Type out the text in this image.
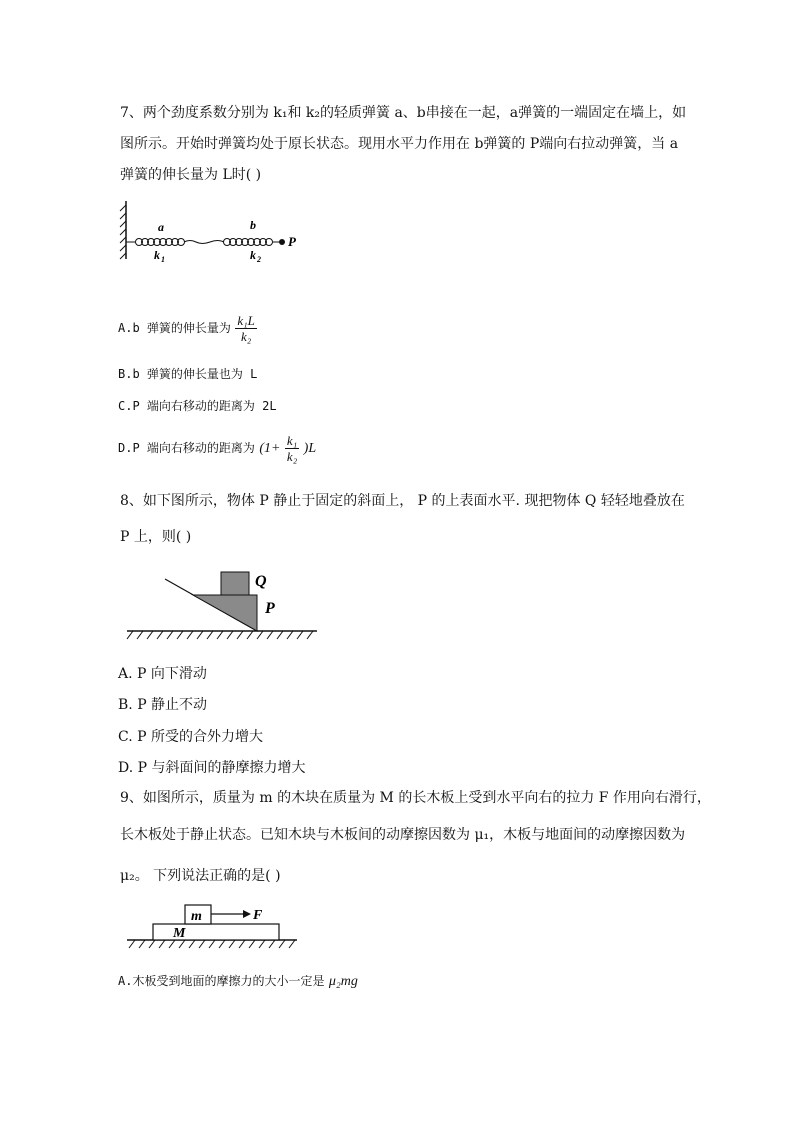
7、两个劲度系数分别为 k₁和 k₂的轻质弹簧 a、b串接在一起，a弹簧的一端固定在墙上，如
图所示。开始时弹簧均处于原长状态。现用水平力作用在 b弹簧的 P端向右拉动弹簧，当 a
弹簧的伸长量为 L时( )
a	b
k 1	k 2
P
A.b 弹簧的伸长量为 $\frac{\text{k₁L}}{\text{k₂}}$
B.b 弹簧的伸长量也为 L
C.P 端向右移动的距离为 2L
D.P 端向右移动的距离为 $(1+ \frac{\text{k₁}}{\text{k₂}} )L$
8、如下图所示，物体 P 静止于固定的斜面上， P 的上表面水平. 现把物体 Q 轻轻地叠放在
P 上，则( )
Q
P
A. P 向下滑动
B. P 静止不动
C. P 所受的合外力增大
D. P 与斜面间的静摩擦力增大
9、如图所示，质量为 m 的木块在质量为 M 的长木板上受到水平向右的拉力 F 作用向右滑行，
长木板处于静止状态。已知木块与木板间的动摩擦因数为 μ₁，木板与地面间的动摩擦因数为
μ₂。 下列说法正确的是( )
m
M
F
A.木板受到地面的摩擦力的大小一定是 μ₂mg
